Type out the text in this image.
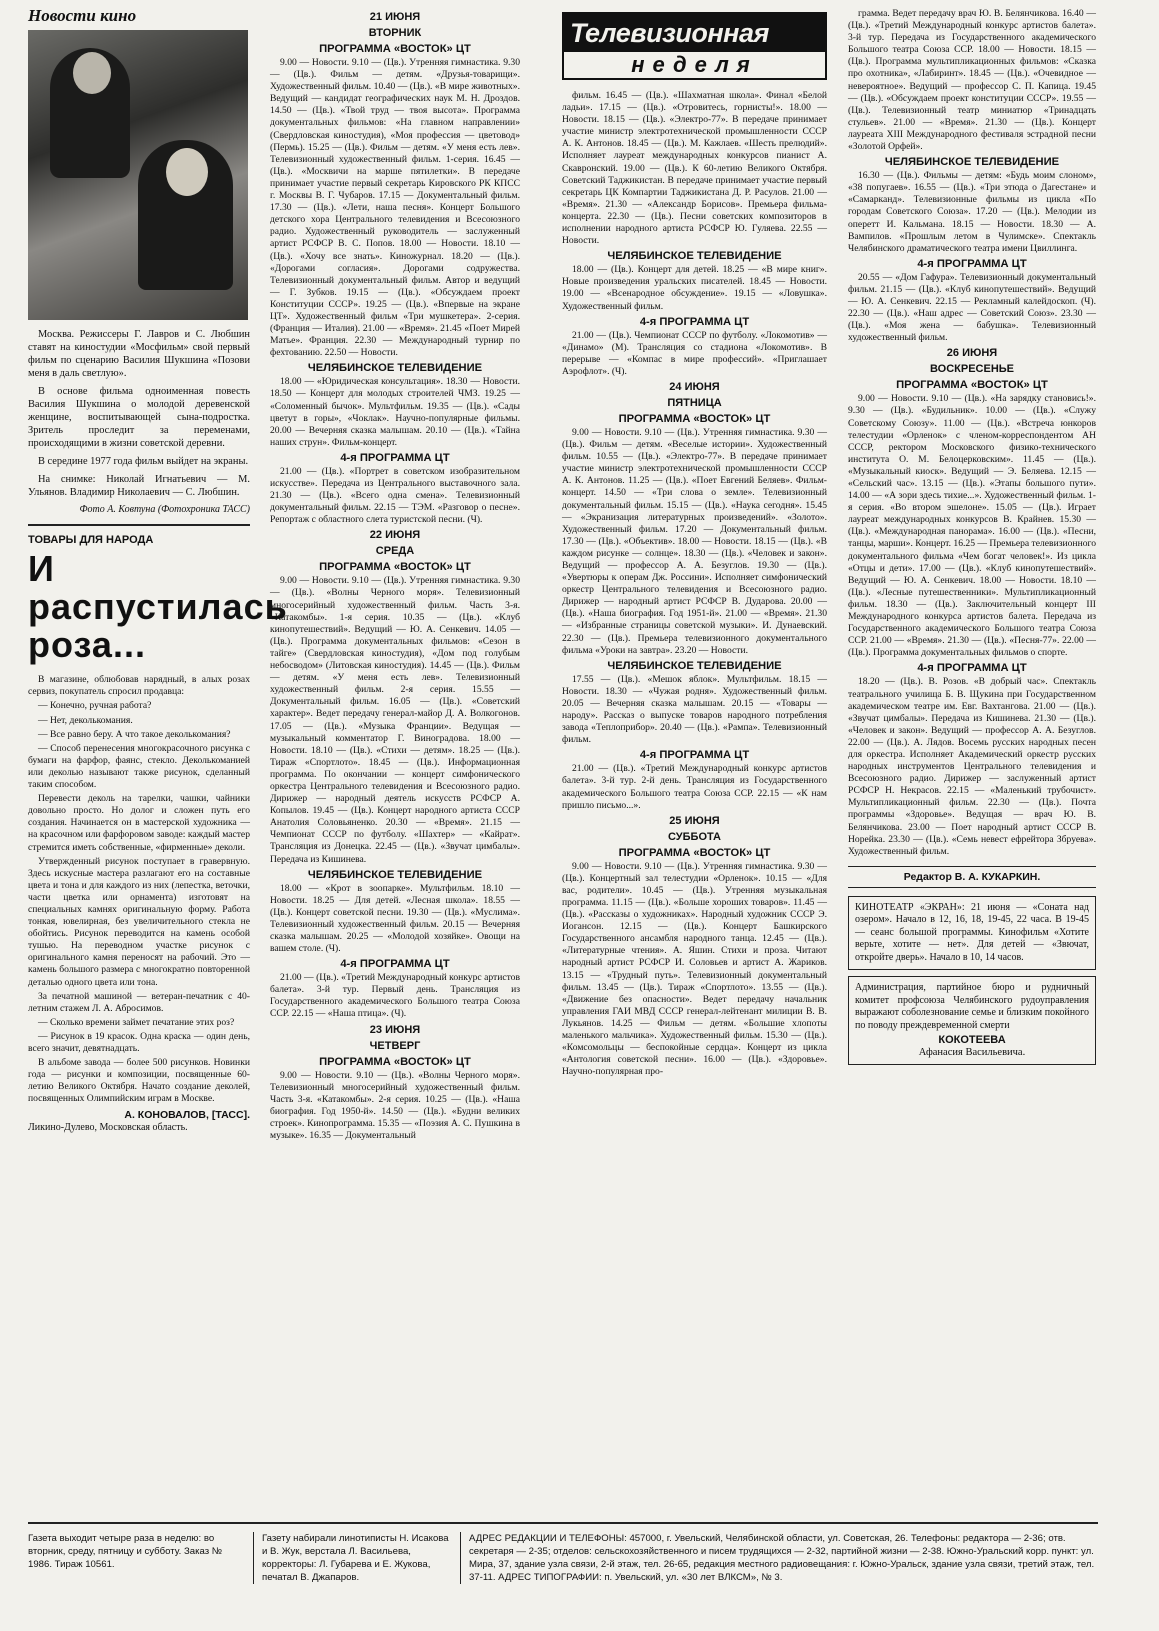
Новости кино

Москва. Режиссеры Г. Лавров и С. Любшин ставят на киностудии «Мосфильм» свой первый фильм по сценарию Василия Шукшина «Позови меня в даль светлую».

В основе фильма одноименная повесть Василия Шукшина о молодой деревенской женщине, воспитывающей сына-подростка. Зритель проследит за переменами, происходящими в жизни советской деревни.

В середине 1977 года фильм выйдет на экраны.

На снимке: Николай Игнатьевич — М. Ульянов. Владимир Николаевич — С. Любшин.

Фото А. Ковтуна (Фотохроника ТАСС)
ТОВАРЫ ДЛЯ НАРОДА
И распустилась роза...

В магазине, облюбовав нарядный, в алых розах сервиз, покупатель спросил продавца:

— Конечно, ручная работа?

— Нет, деколькомания.

— Все равно беру. А что такое деколькомания?

— Способ перенесения многокрасочного рисунка с бумаги на фарфор, фаянс, стекло. Деколькоманией или деколью называют также рисунок, сделанный таким способом.

Перевести деколь на тарелки, чашки, чайники довольно просто. Но долог и сложен путь его создания. Начинается он в мастерской художника — на красочном или фарфоровом заводе: каждый мастер стремится иметь собственные, «фирменные» деколи.

Утвержденный рисунок поступает в гравервную. Здесь искусные мастера разлагают его на составные цвета и тона и для каждого из них (лепестка, веточки, части цветка или орнамента) изготовят на специальных камнях оригинальную форму. Работа тонкая, ювелирная, без увеличительного стекла не обойтись. Рисунок переводится на камень особой тушью. На переводном участке рисунок с оригинального камня переносят на рабочий. Это — камень большого размера с многократно повторенной деталью одного цвета или тона.

За печатной машиной — ветеран-печатник с 40-летним стажем Л. А. Абросимов.

— Сколько времени займет печатание этих роз?

— Рисунок в 19 красок. Одна краска — один день, всего значит, девятнадцать.

В альбоме завода — более 500 рисунков. Новинки года — рисунки и композиции, посвященные 60-летию Великого Октября. Начато создание деколей, посвященных Олимпийским играм в Москве.

А. КОНОВАЛОВ, [ТАСС].
Ликино-Дулево, Московская область.
21 ИЮНЯ
ВТОРНИК
ПРОГРАММА «ВОСТОК» ЦТ

9.00 — Новости. 9.10 — (Цв.). Утренняя гимнастика. 9.30 — (Цв.). Фильм — детям. «Друзья-товарищи». Художественный фильм. 10.40 — (Цв.). «В мире животных». Ведущий — кандидат географических наук М. Н. Дроздов. 14.50 — (Цв.). «Твой труд — твоя высота». Программа документальных фильмов: «На главном направлении» (Свердловская киностудия), «Моя профессия — цветовод» (Пермь). 15.25 — (Цв.). Фильм — детям. «У меня есть лев». Телевизионный художественный фильм. 1-серия. 16.45 — (Цв.). «Москвичи на марше пятилетки». В передаче принимает участие первый секретарь Кировского РК КПСС г. Москвы В. Г. Чубаров. 17.15 — Документальный фильм. 17.30 — (Цв.). «Лети, наша песня». Концерт Большого детского хора Центрального телевидения и Всесоюзного радио. Художественный руководитель — заслуженный артист РСФСР В. С. Попов. 18.00 — Новости. 18.10 — (Цв.). «Хочу все знать». Киножурнал. 18.20 — (Цв.). «Дорогами согласия». Дорогами содружества. Телевизионный документальный фильм. Автор и ведущий — Г. Зубков. 19.15 — (Цв.). «Обсуждаем проект Конституции СССР». 19.25 — (Цв.). «Впервые на экране ЦТ». Художественный фильм «Три мушкетера». 2-серия. (Франция — Италия). 21.00 — «Время». 21.45 «Поет Мирей Матье». Франция. 22.30 — Международный турнир по фехтованию. 22.50 — Новости.

ЧЕЛЯБИНСКОЕ ТЕЛЕВИДЕНИЕ

18.00 — «Юридическая консультация». 18.30 — Новости. 18.50 — Концерт для молодых строителей ЧМЗ. 19.25 — «Соломенный бычок». Мультфильм. 19.35 — (Цв.). «Сады цветут в горы», «Чоклак». Научно-популярные фильмы. 20.00 — Вечерняя сказка малышам. 20.10 — (Цв.). «Тайна наших струн». Фильм-концерт.

4-я ПРОГРАММА ЦТ

21.00 — (Цв.). «Портрет в советском изобразительном искусстве». Передача из Центрального выставочного зала. 21.30 — (Цв.). «Всего одна смена». Телевизионный документальный фильм. 22.15 — ТЭМ. «Разговор о песне». Репортаж с областного слета туристской песни. (Ч).

22 ИЮНЯ
СРЕДА
ПРОГРАММА «ВОСТОК» ЦТ

9.00 — Новости. 9.10 — (Цв.). Утренняя гимнастика. 9.30 — (Цв.). «Волны Черного моря». Телевизионный многосерийный художественный фильм. Часть 3-я. «Катакомбы». 1-я серия. 10.35 — (Цв.). «Клуб кинопутешествий». Ведущий — Ю. А. Сенкевич. 14.05 — (Цв.). Программа документальных фильмов: «Сезон в тайге» (Свердловская киностудия), «Дом под голубым небосводом» (Литовская киностудия). 14.45 — (Цв.). Фильм — детям. «У меня есть лев». Телевизионный художественный фильм. 2-я серия. 15.55 — Документальный фильм. 16.05 — (Цв.). «Советский характер». Ведет передачу генерал-майор Д. А. Волкогонов. 17.05 — (Цв.). «Музыка Франции». Ведущая — музыкальный комментатор Г. Виноградова. 18.00 — Новости. 18.10 — (Цв.). «Стихи — детям». 18.25 — (Цв.). Тираж «Спортлото». 18.45 — (Цв.). Информационная программа. По окончании — концерт симфонического оркестра Центрального телевидения и Всесоюзного радио. Дирижер — народный деятель искусств РСФСР А. Копылов. 19.45 — (Цв.). Концерт народного артиста СССР Анатолия Соловьяненко. 20.30 — «Время». 21.15 — Чемпионат СССР по футболу. «Шахтер» — «Кайрат». Трансляция из Донецка. 22.45 — (Цв.). «Звучат цимбалы». Передача из Кишинева.

ЧЕЛЯБИНСКОЕ ТЕЛЕВИДЕНИЕ

18.00 — «Крот в зоопарке». Мультфильм. 18.10 — Новости. 18.25 — Для детей. «Лесная школа». 18.55 — (Цв.). Концерт советской песни. 19.30 — (Цв.). «Муслима». Телевизионный художественный фильм. 20.15 — Вечерняя сказка малышам. 20.25 — «Молодой хозяйке». Овощи на вашем столе. (Ч).

4-я ПРОГРАММА ЦТ

21.00 — (Цв.). «Третий Международный конкурс артистов балета». 3-й тур. Первый день. Трансляция из Государственного академического Большого театра Союза ССР. 22.15 — «Наша птица». (Ч).

23 ИЮНЯ
ЧЕТВЕРГ
ПРОГРАММА «ВОСТОК» ЦТ

9.00 — Новости. 9.10 — (Цв.). «Волны Черного моря». Телевизионный многосерийный художественный фильм. Часть 3-я. «Катакомбы». 2-я серия. 10.25 — (Цв.). «Наша биография. Год 1950-й». 14.50 — (Цв.). «Будни великих строек». Кинопрограмма. 15.35 — «Поэзия А. С. Пушкина в музыке». 16.35 — Документальный

Телевизионная
неделя

фильм. 16.45 — (Цв.). «Шахматная школа». Финал «Белой ладьи». 17.15 — (Цв.). «Отровитесь, горнисты!». 18.00 — Новости. 18.15 — (Цв.). «Электро-77». В передаче принимает участие министр электротехнической промышленности СССР А. К. Антонов. 18.45 — (Цв.). М. Кажлаев. «Шесть прелюдий». Исполняет лауреат международных конкурсов пианист А. Скавронский. 19.00 — (Цв.). К 60-летию Великого Октября. Советский Таджикистан. В передаче принимает участие первый секретарь ЦК Компартии Таджикистана Д. Р. Расулов. 21.00 — «Время». 21.30 — «Александр Борисов». Премьера фильма-концерта. 22.30 — (Цв.). Песни советских композиторов в исполнении народного артиста РСФСР Ю. Гуляева. 22.55 — Новости.

ЧЕЛЯБИНСКОЕ ТЕЛЕВИДЕНИЕ

18.00 — (Цв.). Концерт для детей. 18.25 — «В мире книг». Новые произведения уральских писателей. 18.45 — Новости. 19.00 — «Всенародное обсуждение». 19.15 — «Ловушка». Художественный фильм.

4-я ПРОГРАММА ЦТ

21.00 — (Цв.). Чемпионат СССР по футболу. «Локомотив» — «Динамо» (М). Трансляция со стадиона «Локомотив». В перерыве — «Компас в мире профессий». «Приглашает Аэрофлот». (Ч).

24 ИЮНЯ
ПЯТНИЦА
ПРОГРАММА «ВОСТОК» ЦТ

9.00 — Новости. 9.10 — (Цв.). Утренняя гимнастика. 9.30 — (Цв.). Фильм — детям. «Веселые истории». Художественный фильм. 10.55 — (Цв.). «Электро-77». В передаче принимает участие министр электротехнической промышленности СССР А. К. Антонов. 11.25 — (Цв.). «Поет Евгений Беляев». Фильм-концерт. 14.50 — «Три слова о земле». Телевизионный документальный фильм. 15.15 — (Цв.). «Наука сегодня». 15.45 — «Экранизация литературных произведений». «Золото». Художественный фильм. 17.20 — Документальный фильм. 17.30 — (Цв.). «Объектив». 18.00 — Новости. 18.15 — (Цв.). «В каждом рисунке — солнце». 18.30 — (Цв.). «Человек и закон». Ведущий — профессор А. А. Безуглов. 19.30 — (Цв.). «Увертюры к операм Дж. Россини». Исполняет симфонический оркестр Центрального телевидения и Всесоюзного радио. Дирижер — народный артист РСФСР В. Дударова. 20.00 — (Цв.). «Наша биография. Год 1951-й». 21.00 — «Время». 21.30 — «Избранные страницы советской музыки». И. Дунаевский. 22.30 — (Цв.). Премьера телевизионного документального фильма «Уроки на завтра». 23.20 — Новости.

ЧЕЛЯБИНСКОЕ ТЕЛЕВИДЕНИЕ

17.55 — (Цв.). «Мешок яблок». Мультфильм. 18.15 — Новости. 18.30 — «Чужая родня». Художественный фильм. 20.05 — Вечерняя сказка малышам. 20.15 — «Товары — народу». Рассказ о выпуске товаров народного потребления завода «Теплоприбор». 20.40 — (Цв.). «Рампа». Телевизионный фильм.

4-я ПРОГРАММА ЦТ

21.00 — (Цв.). «Третий Международный конкурс артистов балета». 3-й тур. 2-й день. Трансляция из Государственного академического Большого театра Союза ССР. 22.15 — «К нам пришло письмо...».

25 ИЮНЯ
СУББОТА
ПРОГРАММА «ВОСТОК» ЦТ

9.00 — Новости. 9.10 — (Цв.). Утренняя гимнастика. 9.30 — (Цв.). Концертный зал телестудии «Орленок». 10.15 — «Для вас, родители». 10.45 — (Цв.). Утренняя музыкальная программа. 11.15 — (Цв.). «Больше хороших товаров». 11.45 — (Цв.). «Рассказы о художниках». Народный художник СССР Э. Иогансон. 12.15 — (Цв.). Концерт Башкирского Государственного ансамбля народного танца. 12.45 — (Цв.). «Литературные чтения». А. Яшин. Стихи и проза. Читают народный артист РСФСР И. Соловьев и артист А. Жариков. 13.15 — «Трудный путь». Телевизионный документальный фильм. 13.45 — (Цв.). Тираж «Спортлото». 13.55 — (Цв.). «Движение без опасности». Ведет передачу начальник управления ГАИ МВД СССР генерал-лейтенант милиции В. В. Лукьянов. 14.25 — Фильм — детям. «Большие хлопоты маленького мальчика». Художественный фильм. 15.30 — (Цв.). «Комсомольцы — беспокойные сердца». Концерт из цикла «Антология советской песни». 16.00 — (Цв.). «Здоровье». Научно-популярная про-

грамма. Ведет передачу врач Ю. В. Белянчикова. 16.40 — (Цв.). «Третий Международный конкурс артистов балета». 3-й тур. Передача из Государственного академического Большого театра Союза ССР. 18.00 — Новости. 18.15 — (Цв.). Программа мультипликационных фильмов: «Сказка про охотника», «Лабиринт». 18.45 — (Цв.). «Очевидное — невероятное». Ведущий — профессор С. П. Капица. 19.45 — (Цв.). «Обсуждаем проект конституции СССР». 19.55 — (Цв.). Телевизионный театр миниатюр «Тринадцать стульев». 21.00 — «Время». 21.30 — (Цв.). Концерт лауреата XIII Международного фестиваля эстрадной песни «Золотой Орфей».

ЧЕЛЯБИНСКОЕ ТЕЛЕВИДЕНИЕ

16.30 — (Цв.). Фильмы — детям: «Будь моим слоном», «38 попугаев». 16.55 — (Цв.). «Три этюда о Дагестане» и «Самарканд». Телевизионные фильмы из цикла «По городам Советского Союза». 17.20 — (Цв.). Мелодии из оперетт И. Кальмана. 18.15 — Новости. 18.30 — А. Вампилов. «Прошлым летом в Чулимске». Спектакль Челябинского драматического театра имени Цвиллинга.

4-я ПРОГРАММА ЦТ

20.55 — «Дом Гафура». Телевизионный документальный фильм. 21.15 — (Цв.). «Клуб кинопутешествий». Ведущий — Ю. А. Сенкевич. 22.15 — Рекламный калейдоскоп. (Ч). 22.30 — (Цв.). «Наш адрес — Советский Союз». 23.30 — (Цв.). «Моя жена — бабушка». Телевизионный художественный фильм.

26 ИЮНЯ
ВОСКРЕСЕНЬЕ
ПРОГРАММА «ВОСТОК» ЦТ

9.00 — Новости. 9.10 — (Цв.). «На зарядку становись!». 9.30 — (Цв.). «Будильник». 10.00 — (Цв.). «Служу Советскому Союзу». 11.00 — (Цв.). «Встреча юнкоров телестудии «Орленок» с членом-корреспондентом АН СССР, ректором Московского физико-технического института О. М. Белоцерковским». 11.45 — (Цв.). «Музыкальный киоск». Ведущий — Э. Беляева. 12.15 — «Сельский час». 13.15 — (Цв.). «Этапы большого пути». 14.00 — «А зори здесь тихие...». Художественный фильм. 1-я серия. «Во втором эшелоне». 15.05 — (Цв.). Играет лауреат международных конкурсов В. Крайнев. 15.30 — (Цв.). «Международная панорама». 16.00 — (Цв.). «Песни, танцы, марши». Концерт. 16.25 — Премьера телевизионного документального фильма «Чем богат человек!». Из цикла «Отцы и дети». 17.00 — (Цв.). «Клуб кинопутешествий». Ведущий — Ю. А. Сенкевич. 18.00 — Новости. 18.10 — (Цв.). «Лесные путешественники». Мультипликационный фильм. 18.30 — (Цв.). Заключительный концерт III Международного конкурса артистов балета. Передача из Государственного академического Большого театра Союза ССР. 21.00 — «Время». 21.30 — (Цв.). «Песня-77». 22.00 — (Цв.). Программа документальных фильмов о спорте.

4-я ПРОГРАММА ЦТ

18.20 — (Цв.). В. Розов. «В добрый час». Спектакль театрального училища Б. В. Щукина при Государственном академическом театре им. Евг. Вахтангова. 21.00 — (Цв.). «Звучат цимбалы». Передача из Кишинева. 21.30 — (Цв.). «Человек и закон». Ведущий — профессор А. А. Безуглов. 22.00 — (Цв.). А. Лядов. Восемь русских народных песен для оркестра. Исполняет Академический оркестр русских народных инструментов Центрального телевидения и Всесоюзного радио. Дирижер — заслуженный артист РСФСР Н. Некрасов. 22.15 — «Маленький трубочист». Мультипликационный фильм. 22.30 — (Цв.). Почта программы «Здоровье». Ведущая — врач Ю. В. Белянчикова. 23.00 — Поет народный артист СССР В. Норейка. 23.30 — (Цв.). «Семь невест ефрейтора Збруева». Художественный фильм.

Редактор В. А. КУКАРКИН.
КИНОТЕАТР «ЭКРАН»: 21 июня — «Соната над озером». Начало в 12, 16, 18, 19-45, 22 часа. В 19-45 — сеанс большой программы. Кинофильм «Хотите верьте, хотите — нет». Для детей — «Звючат, откройте дверь». Начало в 10, 14 часов.
Администрация, партийное бюро и рудничный комитет профсоюза Челябинского рудоуправления выражают соболезнование семье и близким покойного по поводу преждевременной смерти
КОКОТЕЕВА
Афанасия Васильевича.
Газета выходит четыре раза в неделю: во вторник, среду, пятницу и субботу. Заказ № 1986. Тираж 10561.
Газету набирали линотиписты Н. Исакова и В. Жук, верстала Л. Васильева, корректоры: Л. Губарева и Е. Жукова, печатал В. Джапаров.
АДРЕС РЕДАКЦИИ И ТЕЛЕФОНЫ: 457000, г. Увельский, Челябинской области, ул. Советская, 26. Телефоны: редактора — 2-36; отв. секретаря — 2-35; отделов: сельскохозяйственного и писем трудящихся — 2-32, партийной жизни — 2-38. Южно-Уральский корр. пункт: ул. Мира, 37, здание узла связи, 2-й этаж, тел. 26-65, редакция местного радиовещания: г. Южно-Уральск, здание узла связи, третий этаж, тел. 37-11. АДРЕС ТИПОГРАФИИ: п. Увельский, ул. «30 лет ВЛКСМ», № 3.
